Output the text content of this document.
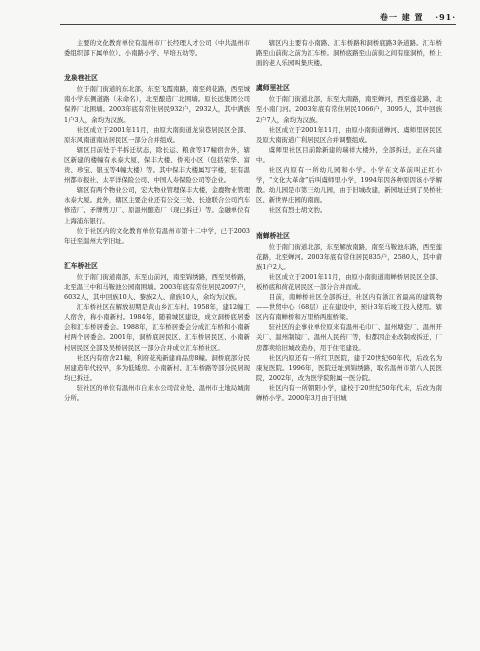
卷一 建 置 ·91·

主要的文化教育单位有温州市厂长经理人才公司（中共温州市委组织部下属单位）、小南路小学、早培五幼等。

龙泉巷社区

位于南门街道的东北部，东至飞霞南路，南至荷花路，西至城南小学东侧道路（未命名），北至酿造厂北围墙。原长远集团公司保养厂北围墙。2003年底有常住居民932户，2932人，其中满族1户3人，余均为汉族。

社区成立于2001年11月，由原大南街道龙泉巷居民区全部、原东风南道南站居民区一部分合并组成。

辖区目前处于半拆迁状态，除长运、粮食等17幢宿舍外，辖区新建的楼幢有永泰大厦、保丰大楼、侨苑小区（包括荣华、富贵、珍宝、银玉等4幢大楼）等。其中保丰大楼属写字楼，驻有温州都市报社、太平洋保险公司、中国人寿保险公司等企业。

辖区有两个物业公司，宏大物业管理保丰大楼，金鹿物业管理永泰大厦。此外，辖区主要企业还有公交三处、长途联合公司汽车修造厂、矛牌剪刀厂、原温州酿造厂（现已拆迁）等。金融单位有上海浦东银行。

位于社区内的文化教育单位有温州市第十二中学，已于2003年迁至温州大学旧址。

汇车桥社区

位于南门街道南部，东至山前河，南至锦绣路，西至吴桥路，北至温三中和马鞍池公园南围墙。2003年底有常住居民2097户，6032人，其中回族10人、黎族2人、畲族10人，余均为汉族。

汇车桥社区在解放初期是黄山乡汇车村。1958年，建12幢工人宿舍，称小南新村。1984年，随着城区建设，成立洞桥底居委会和汇车桥居委会。1988年，汇车桥居委会分成汇车桥和小南新村两个居委会。2001年，洞桥底居民区、汇车桥居民区、小南新村居民区全部及吴桥居民区一部分合并成立汇车桥社区。

社区内有宿舍21幢，利府花苑新建商品房8幢。洞桥底部分民居建造年代较早，多为低矮房。小南新村、汇车桥路等部分民居现均已拆迁。

驻社区的单位有温州市自来水公司营业处、温州市土地局城南分所。

辖区内主要有小南路、汇车桥路和洞桥底路3条道路。汇车桥路至山前街之前为汇车桥。洞桥底路至山前街之间有座洞桥，桥上面的老人乐园叫集庆楼。

虞师里社区

位于南门街道北部，东至大南路，南至蝉河，西至莲花路，北至小南门河。2003年底有常住居民1066户，3095人，其中回族2户7人，余均为汉族。

社区成立于2001年11月，由原小南街道蝉河、虞师里居民区及原大南街道广利居民区合并调整组成。

虞师里社区目前除新建的瑞祥大楼外，全部拆迁，正在兴建中。

社区内原有一所幼儿园和小学。小学在文革前叫正红小学，“文化大革命”后叫虞师里小学，1994年因各种原因该小学解散。幼儿园是市第三幼儿园，由于旧城改建，新园址迁到了吴桥社区、新世界庄园的南面。

社区有烈士胡文豹。

南蝉桥社区

位于南门街道北部，东至解放南路，南至马鞍池东路，西至莲花路，北至蝉河。2003年底有常住居民835户，2580人，其中畲族1户2人。

社区成立于2001年11月，由原小南街道南蝉桥居民区全部、板桥底和荷花居民区一部分合并而成。

目前，南蝉桥社区全部拆迁，社区内有浙江省最高的建筑物——世贸中心（68层）正在建设中，预计3年后竣工投入使用。辖区内有南蝉桥和万里桥两座桥梁。

驻社区的企事业单位原来有温州毛巾厂、温州塘瓷厂、温州开关厂、温州制镜厂、温州人民药厂等，但都因企业改制或拆迁，厂房都卖给旧城改造办，用于住宅建设。

社区内原还有一所红卫医院，建于20世纪60年代，后改名为康复医院。1996年，医院迁址到锦绣路，取名温州市第八人民医院，2002年，改为医学院附属一医分院。

社区内有一所朝阳小学，建校于20世纪50年代末，后改为南蝉桥小学。2000年3月由于旧城
